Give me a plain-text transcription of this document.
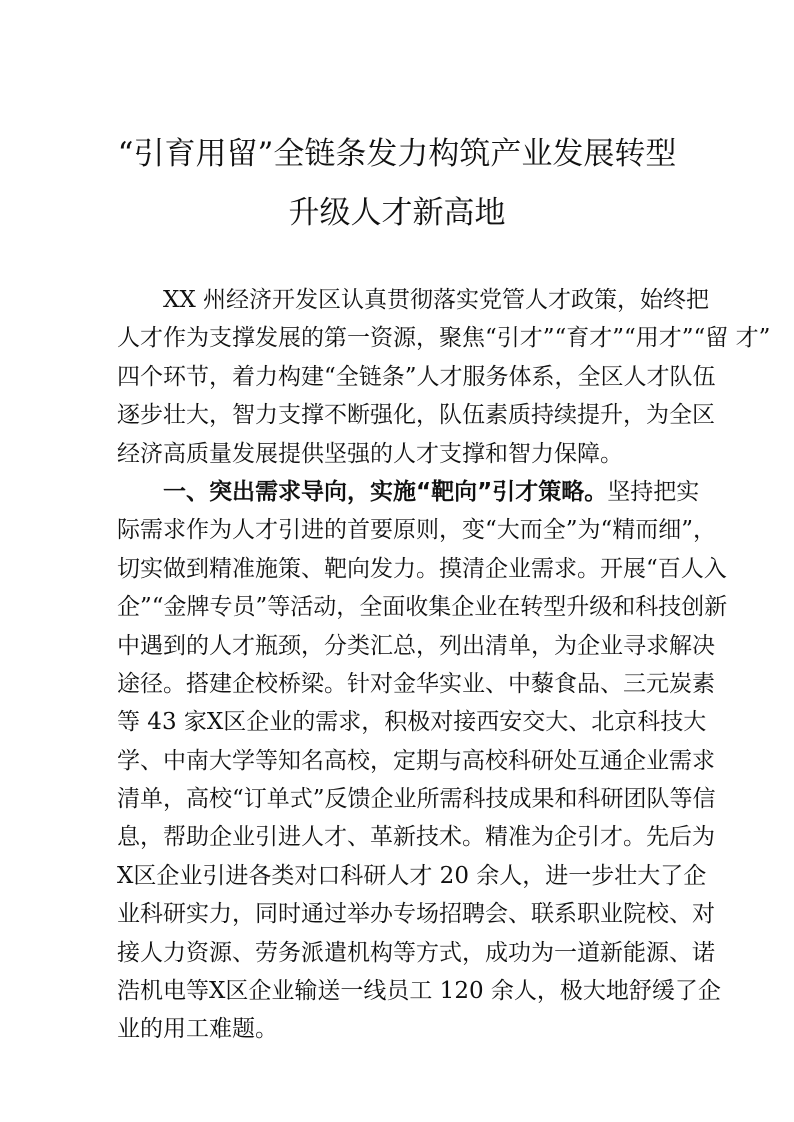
“引育用留”全链条发力构筑产业发展转型
升级人才新高地
XX 州经济开发区认真贯彻落实党管人才政策，始终把
人才作为支撑发展的第一资源，聚焦“引才”“育才”“用才”“留 才”
四个环节，着力构建“全链条”人才服务体系，全区人才队伍
逐步壮大，智力支撑不断强化，队伍素质持续提升，为全区
经济高质量发展提供坚强的人才支撑和智力保障。
一、突出需求导向，实施“靶向”引才策略。坚持把实
际需求作为人才引进的首要原则，变“大而全”为“精而细”，
切实做到精准施策、靶向发力。摸清企业需求。开展“百人入
企”“金牌专员”等活动，全面收集企业在转型升级和科技创新
中遇到的人才瓶颈，分类汇总，列出清单，为企业寻求解决
途径。搭建企校桥梁。针对金华实业、中藜食品、三元炭素
等 43 家X区企业的需求，积极对接西安交大、北京科技大
学、中南大学等知名高校，定期与高校科研处互通企业需求
清单，高校“订单式”反馈企业所需科技成果和科研团队等信
息，帮助企业引进人才、革新技术。精准为企引才。先后为
X区企业引进各类对口科研人才 20 余人，进一步壮大了企
业科研实力，同时通过举办专场招聘会、联系职业院校、对
接人力资源、劳务派遣机构等方式，成功为一道新能源、诺
浩机电等X区企业输送一线员工 120 余人，极大地舒缓了企
业的用工难题。
